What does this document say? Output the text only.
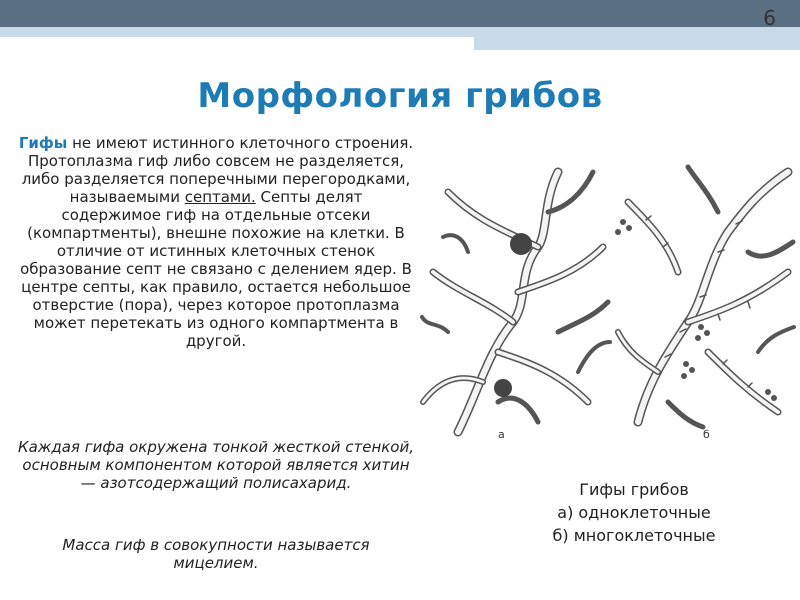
6
Морфология грибов
Гифы не имеют истинного клеточного строения. Протоплазма гиф либо совсем не разделяется, либо разделяется поперечными перегородками, называемыми септами. Септы делят содержимое гиф на отдельные отсеки (компартменты), внешне похожие на клетки. В отличие от истинных клеточных стенок образование септ не связано с делением ядер. В центре септы, как правило, остается небольшое отверстие (пора), через которое протоплазма может перетекать из одного компартмента в другой.
Каждая гифа окружена тонкой жесткой стенкой, основным компонентом которой является хитин — азотсодержащий полисахарид.
Масса гиф в совокупности называется мицелием.
а	б
Гифы грибов
а) одноклеточные
б) многоклеточные
